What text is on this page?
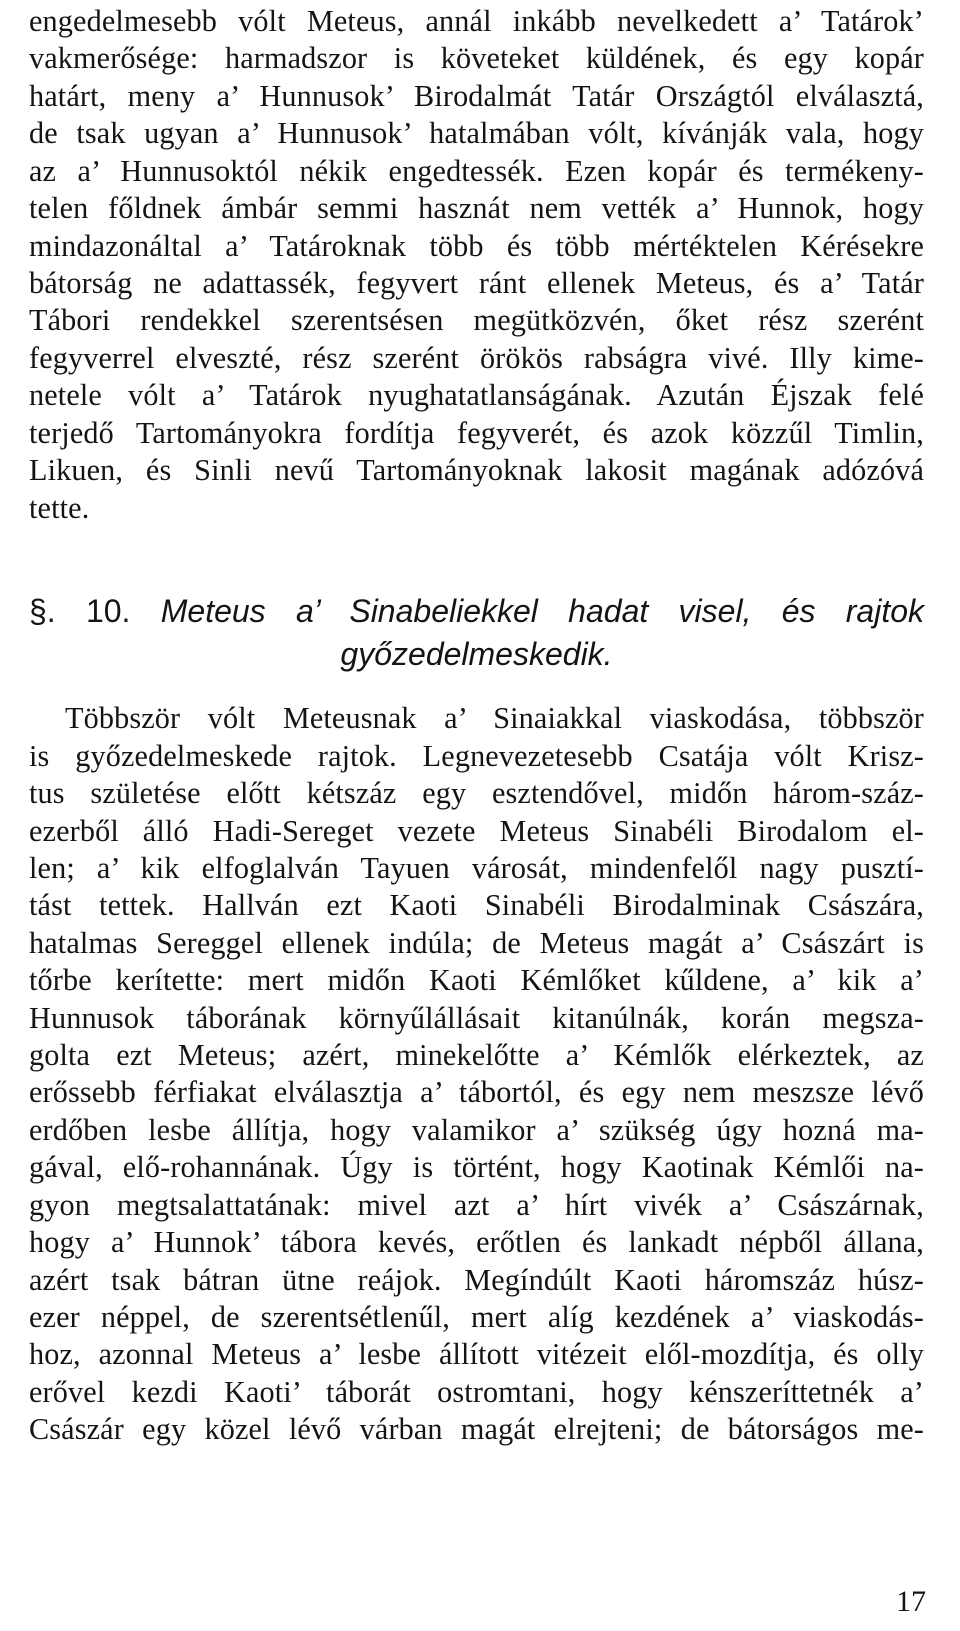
engedelmesebb vólt Meteus, annál inkább nevelkedett a’ Tatárok’
vakmerősége: harmadszor is követeket küldének, és egy kopár
határt, meny a’ Hunnusok’ Birodalmát Tatár Országtól elválasztá,
de tsak ugyan a’ Hunnusok’ hatalmában vólt, kívánják vala, hogy
az a’ Hunnusoktól nékik engedtessék. Ezen kopár és termékeny-
telen főldnek ámbár semmi hasznát nem vették a’ Hunnok, hogy
mindazonáltal a’ Tatároknak több és több mértéktelen Kérésekre
bátorság ne adattassék, fegyvert ránt ellenek Meteus, és a’ Tatár
Tábori rendekkel szerentsésen megütközvén, őket rész szerént
fegyverrel elveszté, rész szerént örökös rabságra vivé. Illy kime-
netele vólt a’ Tatárok nyughatatlanságának. Azután Éjszak felé
terjedő Tartományokra fordítja fegyverét, és azok közzűl Timlin,
Likuen, és Sinli nevű Tartományoknak lakosit magának adózóvá
tette.
§. 10. Meteus a’ Sinabeliekkel hadat visel, és rajtok
győzedelmeskedik.
Többször vólt Meteusnak a’ Sinaiakkal viaskodása, többször
is győzedelmeskede rajtok. Legnevezetesebb Csatája vólt Krisz-
tus születése előtt kétszáz egy esztendővel, midőn három-száz-
ezerből álló Hadi-Sereget vezete Meteus Sinabéli Birodalom el-
len; a’ kik elfoglalván Tayuen városát, mindenfelől nagy pusztí-
tást tettek. Hallván ezt Kaoti Sinabéli Birodalminak Császára,
hatalmas Sereggel ellenek indúla; de Meteus magát a’ Császárt is
tőrbe kerítette: mert midőn Kaoti Kémlőket kűldene, a’ kik a’
Hunnusok táborának környűlállásait kitanúlnák, korán megsza-
golta ezt Meteus; azért, minekelőtte a’ Kémlők elérkeztek, az
erőssebb férfiakat elválasztja a’ tábortól, és egy nem meszsze lévő
erdőben lesbe állítja, hogy valamikor a’ szükség úgy hozná ma-
gával, elő-rohannának. Úgy is történt, hogy Kaotinak Kémlői na-
gyon megtsalattatának: mivel azt a’ hírt vivék a’ Császárnak,
hogy a’ Hunnok’ tábora kevés, erőtlen és lankadt népből állana,
azért tsak bátran ütne reájok. Megíndúlt Kaoti háromszáz húsz-
ezer néppel, de szerentsétlenűl, mert alíg kezdének a’ viaskodás-
hoz, azonnal Meteus a’ lesbe állított vitézeit elől-mozdítja, és olly
erővel kezdi Kaoti’ táborát ostromtani, hogy kénszeríttetnék a’
Császár egy közel lévő várban magát elrejteni; de bátorságos me-
17
